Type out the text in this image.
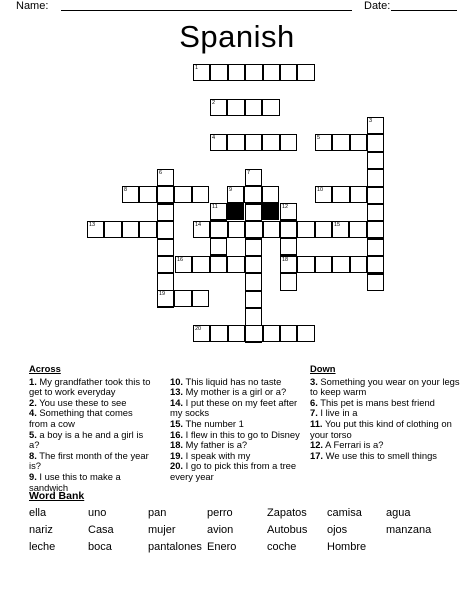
Name:	Date:
Spanish
1
2
4	5
3
6	7
8	9	10
11	12
13	14	15
16	18
19
20
Across
1. My grandfather took this to get to work everyday
2. You use these to see
4. Something that comes from a cow
5. a boy is a he and a girl is a?
8. The first month of the year is?
9. I use this to make a sandwich
10. This liquid has no taste
13. My mother is a girl or a?
14. I put these on my feet after my socks
15. The number 1
16. I flew in this to go to Disney
18. My father is a?
19. I speak with my
20. I go to pick this from a tree every year
Down
3. Something you wear on your legs to keep warm
6. This pet is mans best friend
7. I live in a
11. You put this kind of clothing on your torso
12. A Ferrari is a?
17. We use this to smell things
Word Bank
ella	uno	pan	perro	Zapatos camisa agua
nariz	Casa	mujer	avion	Autobus ojos	manzana
leche	boca	pantalones Enero	coche	Hombre
